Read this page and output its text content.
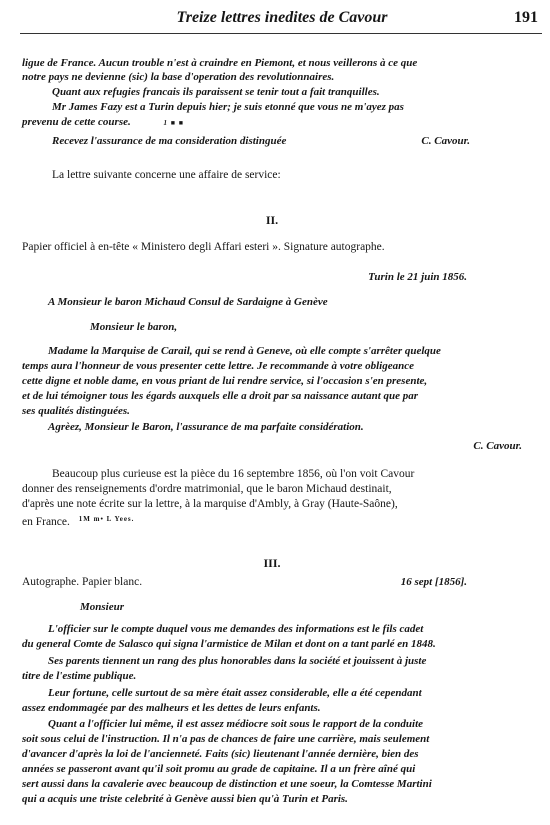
Treize lettres inedites de Cavour	191
ligue de France. Aucun trouble n'est à craindre en Piemont, et nous veillerons à ce que
notre pays ne devienne (sic) la base d'operation des revolutionnaires.
Quant aux refugies francais ils paraissent se tenir tout a fait tranquilles.
Mr James Fazy est a Turin depuis hier; je suis etonné que vous ne m'ayez pas
prevenu de cette course.	1 ■ ■
Recevez l'assurance de ma consideration distinguée	C. Cavour.
La lettre suivante concerne une affaire de service:
II.
Papier officiel à en-tête « Ministero degli Affari esteri ». Signature autographe.
Turin le 21 juin 1856.
A Monsieur le baron Michaud Consul de Sardaigne à Genève
Monsieur le baron,
Madame la Marquise de Carail, qui se rend à Geneve, où elle compte s'arrêter quelque
temps aura l'honneur de vous presenter cette lettre. Je recommande à votre obligeance
cette digne et noble dame, en vous priant de lui rendre service, si l'occasion s'en presente,
et de lui témoigner tous les égards auxquels elle a droit par sa naissance autant que par
ses qualités distinguées.
Agrèez, Monsieur le Baron, l'assurance de ma parfaite considération.
C. Cavour.
Beaucoup plus curieuse est la pièce du 16 septembre 1856, où l'on voit Cavour
donner des renseignements d'ordre matrimonial, que le baron Michaud destinait,
d'après une note écrite sur la lettre, à la marquise d'Ambly, à Gray (Haute-Saône),
en France. $^{1M m• L Yees.}$
III.
Autographe. Papier blanc.	16 sept [1856].
Monsieur
L'officier sur le compte duquel vous me demandes des informations est le fils cadet
du general Comte de Salasco qui signa l'armistice de Milan et dont on a tant parlé en 1848.
Ses parents tiennent un rang des plus honorables dans la société et jouissent à juste
titre de l'estime publique.
Leur fortune, celle surtout de sa mère était assez considerable, elle a été cependant
assez endommagée par des malheurs et les dettes de leurs enfants.
Quant a l'officier lui même, il est assez médiocre soit sous le rapport de la conduite
soit sous celui de l'instruction. Il n'a pas de chances de faire une carrière, mais seulement
d'avancer d'après la loi de l'ancienneté. Faits (sic) lieutenant l'année dernière, bien des
années se passeront avant qu'il soit promu au grade de capitaine. Il a un frère aîné qui
sert aussi dans la cavalerie avec beaucoup de distinction et une soeur, la Comtesse Martini
qui a acquis une triste celebrité à Genève aussi bien qu'à Turin et Paris.
